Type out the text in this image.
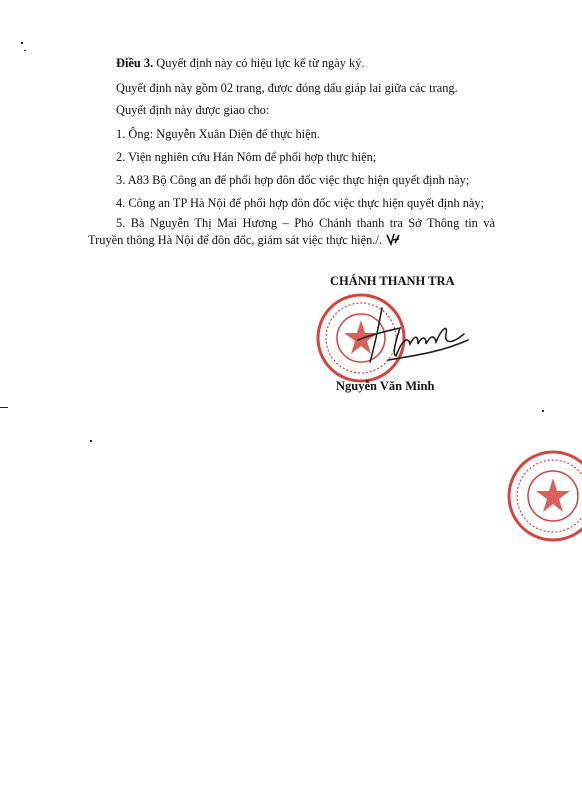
Điều 3. Quyết định này có hiệu lực kể từ ngày ký.
Quyết định này gồm 02 trang, được đóng dấu giáp lai giữa các trang.
Quyết định này được giao cho:
1. Ông: Nguyễn Xuân Diện để thực hiện.
2. Viện nghiên cứu Hán Nôm để phối hợp thực hiện;
3. A83 Bộ Công an để phối hợp đôn đốc việc thực hiện quyết định này;
4. Công an TP Hà Nội để phối hợp đôn đốc việc thực hiện quyết định này;
5. Bà Nguyễn Thị Mai Hương – Phó Chánh thanh tra Sở Thông tin và
Truyền thông Hà Nội để đôn đốc, giám sát việc thực hiện./.
CHÁNH THANH TRA
Nguyễn Văn Minh
